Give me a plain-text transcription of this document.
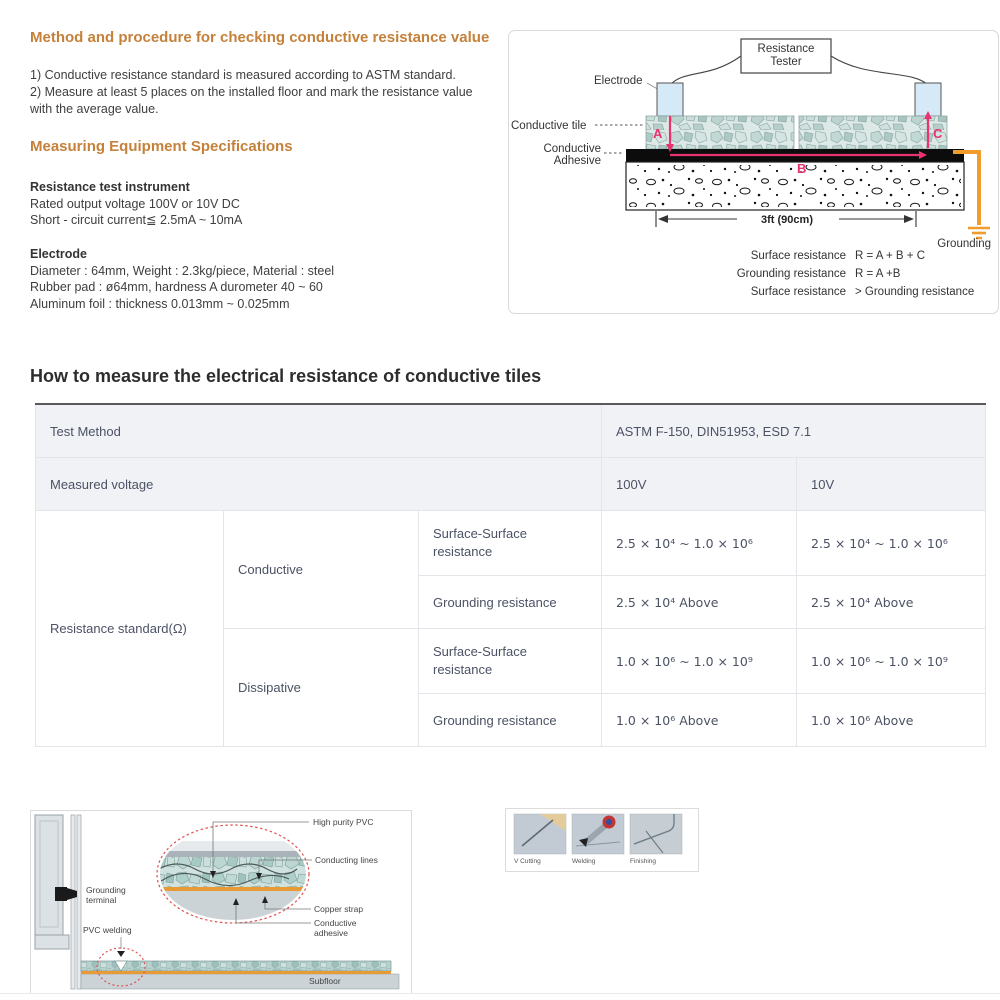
Method and procedure for checking conductive resistance value
1) Conductive resistance standard is measured according to ASTM standard.
2) Measure at least 5 places on the installed floor and mark the resistance value
with the average value.
Measuring Equipment Specifications
Resistance test instrument
Rated output voltage 100V or 10V DC
Short - circuit current≦ 2.5mA ~ 10mA
Electrode
Diameter : 64mm, Weight : 2.3kg/piece, Material : steel
Rubber pad : ø64mm, hardness A durometer 40 ~ 60
Aluminum foil : thickness 0.013mm ~ 0.025mm
Resistance
Tester
Electrode
Conductive tile
Conductive
Adhesive
A
B
C
Grounding
3ft (90cm)
Surface resistance R = A + B + C
Grounding resistance R = A +B
Surface resistance > Grounding resistance
How to measure the electrical resistance of conductive tiles
Test Method			ASTM F-150, DIN51953, ESD 7.1	
Measured voltage			100V	10V
Resistance standard(Ω)	Conductive	Surface-Surface resistance	2.5 × 10⁴ ~ 1.0 × 10⁶	2.5 × 10⁴ ~ 1.0 × 10⁶
		Grounding resistance	2.5 × 10⁴ Above	2.5 × 10⁴ Above
	Dissipative	Surface-Surface resistance	1.0 × 10⁶ ~ 1.0 × 10⁹	1.0 × 10⁶ ~ 1.0 × 10⁹
		Grounding resistance	1.0 × 10⁶ Above	1.0 × 10⁶ Above
Grounding
terminal
Subfloor
PVC welding
High purity PVC
Conducting lines
Copper strap
Conductive
adhesive
V Cutting	Welding	Finishing
